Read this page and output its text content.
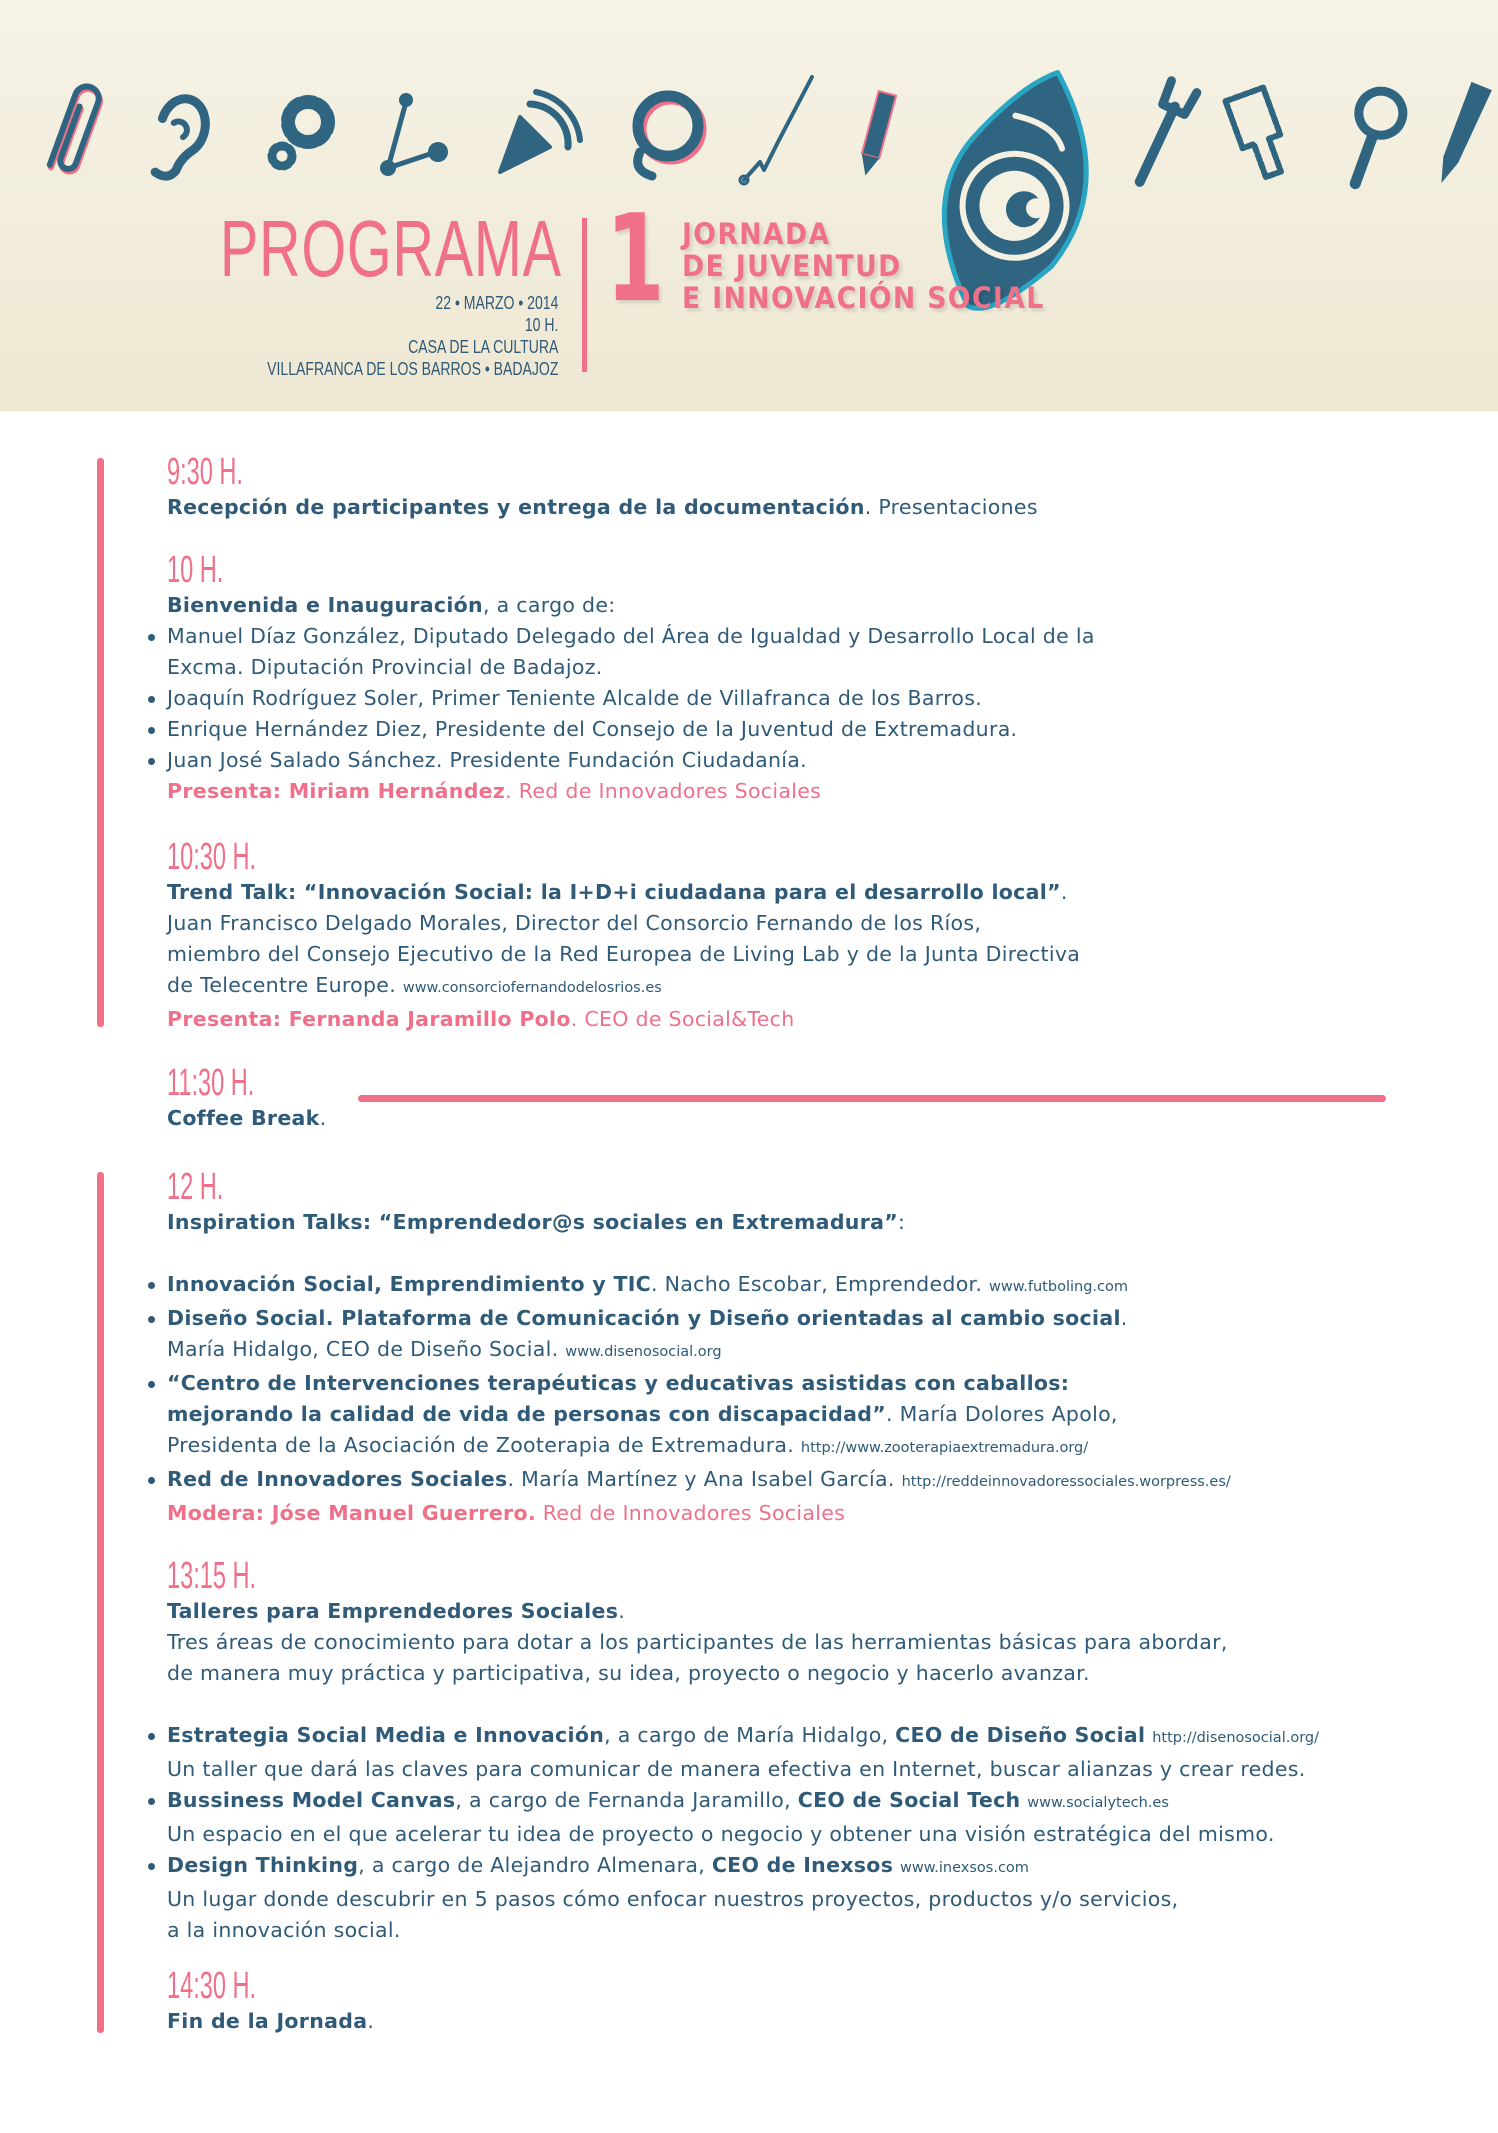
PROGRAMA
22 • MARZO • 2014
10 H.
CASA DE LA CULTURA
VILLAFRANCA DE LOS BARROS • BADAJOZ
1 JORNADA
DE JUVENTUD
E INNOVACIÓN SOCIAL
9:30 H.
Recepción de participantes y entrega de la documentación. Presentaciones
10 H.
Bienvenida e Inauguración, a cargo de:
Manuel Díaz González, Diputado Delegado del Área de Igualdad y Desarrollo Local de la
Excma. Diputación Provincial de Badajoz.
Joaquín Rodríguez Soler, Primer Teniente Alcalde de Villafranca de los Barros.
Enrique Hernández Diez, Presidente del Consejo de la Juventud de Extremadura.
Juan José Salado Sánchez. Presidente Fundación Ciudadanía.
Presenta: Miriam Hernández. Red de Innovadores Sociales
10:30 H.
Trend Talk: “Innovación Social: la I+D+i ciudadana para el desarrollo local”.
Juan Francisco Delgado Morales, Director del Consorcio Fernando de los Ríos,
miembro del Consejo Ejecutivo de la Red Europea de Living Lab y de la Junta Directiva
de Telecentre Europe. www.consorciofernandodelosrios.es
Presenta: Fernanda Jaramillo Polo. CEO de Social&Tech
11:30 H.
Coffee Break.
12 H.
Inspiration Talks: “Emprendedor@s sociales en Extremadura”:
Innovación Social, Emprendimiento y TIC. Nacho Escobar, Emprendedor. www.futboling.com
Diseño Social. Plataforma de Comunicación y Diseño orientadas al cambio social.
María Hidalgo, CEO de Diseño Social. www.disenosocial.org
“Centro de Intervenciones terapéuticas y educativas asistidas con caballos:
mejorando la calidad de vida de personas con discapacidad”. María Dolores Apolo,
Presidenta de la Asociación de Zooterapia de Extremadura. http://www.zooterapiaextremadura.org/
Red de Innovadores Sociales. María Martínez y Ana Isabel García. http://reddeinnovadoressociales.worpress.es/
Modera: Jóse Manuel Guerrero. Red de Innovadores Sociales
13:15 H.
Talleres para Emprendedores Sociales.
Tres áreas de conocimiento para dotar a los participantes de las herramientas básicas para abordar,
de manera muy práctica y participativa, su idea, proyecto o negocio y hacerlo avanzar.
Estrategia Social Media e Innovación, a cargo de María Hidalgo, CEO de Diseño Social http://disenosocial.org/
Un taller que dará las claves para comunicar de manera efectiva en Internet, buscar alianzas y crear redes.
Bussiness Model Canvas, a cargo de Fernanda Jaramillo, CEO de Social Tech www.socialytech.es
Un espacio en el que acelerar tu idea de proyecto o negocio y obtener una visión estratégica del mismo.
Design Thinking, a cargo de Alejandro Almenara, CEO de Inexsos www.inexsos.com
Un lugar donde descubrir en 5 pasos cómo enfocar nuestros proyectos, productos y/o servicios,
a la innovación social.
14:30 H.
Fin de la Jornada.
